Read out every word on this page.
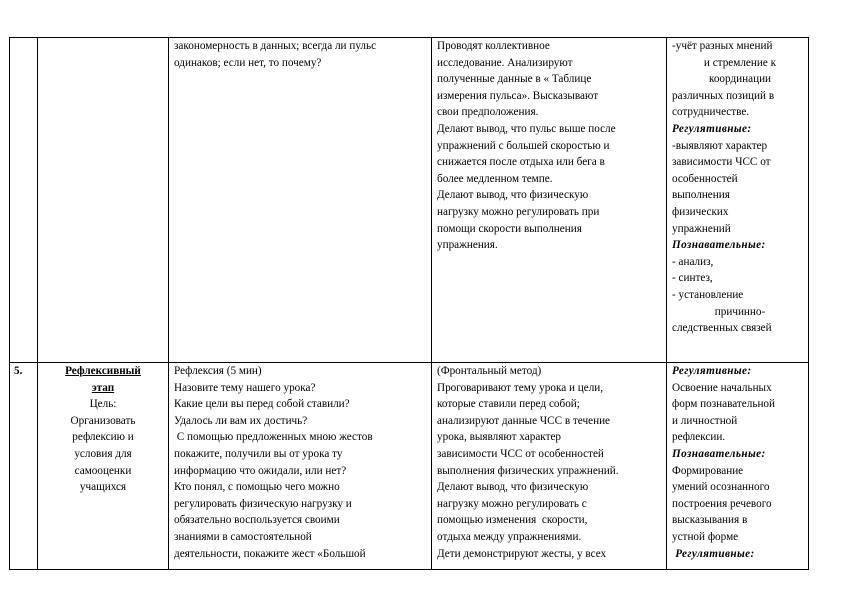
закономерность в данных; всегда ли пульс
одинаков; если нет, то почему?
Проводят коллективное
исследование. Анализируют
полученные данные в « Таблице
измерения пульса». Высказывают
свои предположения.
Делают вывод, что пульс выше после
упражнений с большей скоростью и
снижается после отдыха или бега в
более медленном темпе.
Делают вывод, что физическую
нагрузку можно регулировать при
помощи скорости выполнения
упражнения.
-учёт разных мнений
и стремление к
координации
различных позиций в
сотрудничестве.
Регулятивные:
-выявляют характер
зависимости ЧСС от
особенностей
выполнения
физических
упражнений
Познавательные:
- анализ,
- синтез,
- установление
причинно-
следственных связей
5.	Рефлексивный
этап
Цель:
Организовать
рефлексию и
условия для
самооценки
учащихся
Рефлексия (5 мин)
Назовите тему нашего урока?
Какие цели вы перед собой ставили?
Удалось ли вам их достичь?
С помощью предложенных мною жестов
покажите, получили вы от урока ту
информацию что ожидали, или нет?
Кто понял, с помощью чего можно
регулировать физическую нагрузку и
обязательно воспользуется своими
знаниями в самостоятельной
деятельности, покажите жест «Большой
(Фронтальный метод)
Проговаривают тему урока и цели,
которые ставили перед собой;
анализируют данные ЧСС в течение
урока, выявляют характер
зависимости ЧСС от особенностей
выполнения физических упражнений.
Делают вывод, что физическую
нагрузку можно регулировать с
помощью изменения  скорости,
отдыха между упражнениями.
Дети демонстрируют жесты, у всех
Регулятивные:
Освоение начальных
форм познавательной
и личностной
рефлексии.
Познавательные:
Формирование
умений осознанного
построения речевого
высказывания в
устной форме
Регулятивные:
